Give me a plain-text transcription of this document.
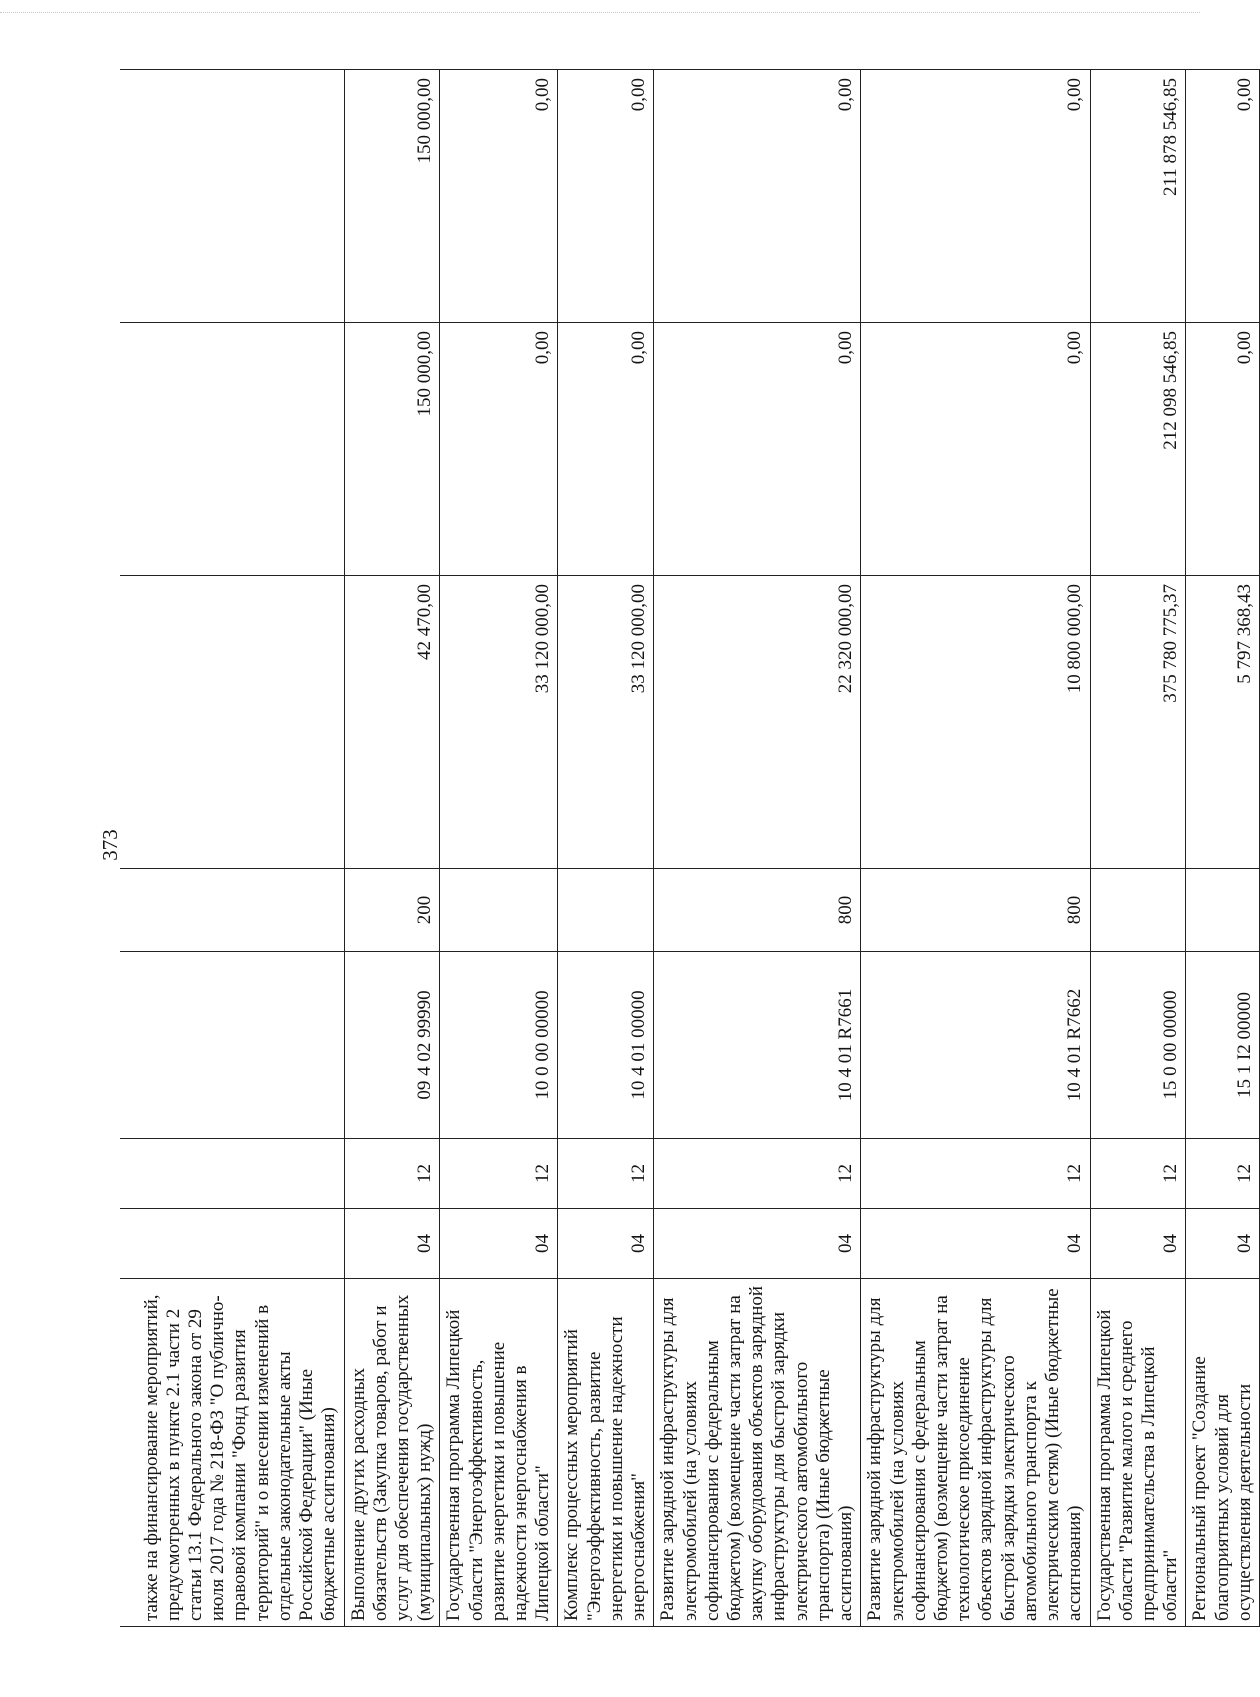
373
также на финансирование мероприятий, предусмотренных в пункте 2.1 части 2 статьи 13.1 Федерального закона от 29 июля 2017 года № 218-ФЗ "О публично-правовой компании "Фонд развития территорий" и о внесении изменений в отдельные законодательные акты Российской Федерации" (Иные бюджетные ассигнования)							
Выполнение других расходных обязательств (Закупка товаров, работ и услуг для обеспечения государственных (муниципальных) нужд)	04	12	09 4 02 99990	200	42 470,00	150 000,00	150 000,00
Государственная программа Липецкой области "Энергоэффективность, развитие энергетики и повышение надежности энергоснабжения в Липецкой области"	04	12	10 0 00 00000		33 120 000,00	0,00	0,00
Комплекс процессных мероприятий "Энергоэффективность, развитие энергетики и повышение надежности энергоснабжения"	04	12	10 4 01 00000		33 120 000,00	0,00	0,00
Развитие зарядной инфраструктуры для электромобилей (на условиях софинансирования с федеральным бюджетом) (возмещение части затрат на закупку оборудования объектов зарядной инфраструктуры для быстрой зарядки электрического автомобильного транспорта) (Иные бюджетные ассигнования)	04	12	10 4 01 R7661	800	22 320 000,00	0,00	0,00
Развитие зарядной инфраструктуры для электромобилей (на условиях софинансирования с федеральным бюджетом) (возмещение части затрат на технологическое присоединение объектов зарядной инфраструктуры для быстрой зарядки электрического автомобильного транспорта к электрическим сетям) (Иные бюджетные ассигнования)	04	12	10 4 01 R7662	800	10 800 000,00	0,00	0,00
Государственная программа Липецкой области "Развитие малого и среднего предпринимательства в Липецкой области"	04	12	15 0 00 00000		375 780 775,37	212 098 546,85	211 878 546,85
Региональный проект "Создание благоприятных условий для осуществления деятельности	04	12	15 1 I2 00000		5 797 368,43	0,00	0,00
